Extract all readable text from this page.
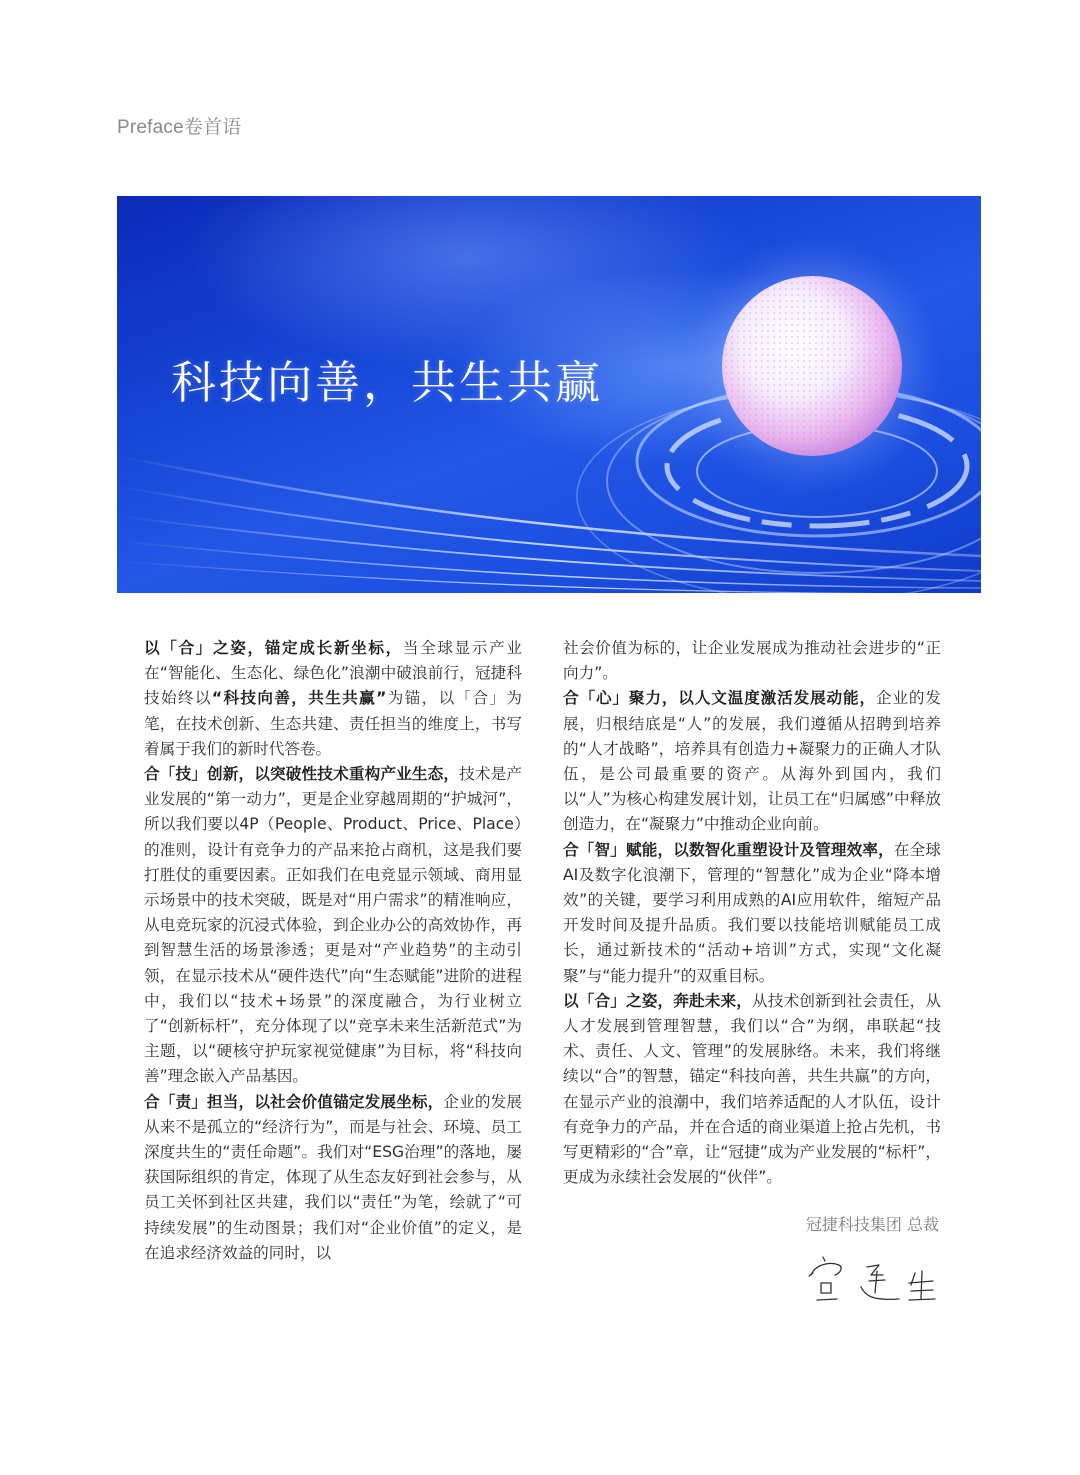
Preface卷首语
科技向善，共生共赢

以「合」之姿，锚定成长新坐标，当全球显示产业在“智能化、生态化、绿色化”浪潮中破浪前行，冠捷科技始终以“科技向善，共生共赢”为锚，以「合」为笔，在技术创新、生态共建、责任担当的维度上，书写着属于我们的新时代答卷。

合「技」创新，以突破性技术重构产业生态，技术是产业发展的“第一动力”，更是企业穿越周期的“护城河”，所以我们要以4P（People、Product、Price、Place）的准则，设计有竞争力的产品来抢占商机，这是我们要打胜仗的重要因素。正如我们在电竞显示领域、商用显示场景中的技术突破，既是对“用户需求”的精准响应，从电竞玩家的沉浸式体验，到企业办公的高效协作，再到智慧生活的场景渗透；更是对“产业趋势”的主动引领，在显示技术从“硬件迭代”向“生态赋能”进阶的进程中，我们以“技术+场景”的深度融合，为行业树立了“创新标杆”，充分体现了以“竞享未来生活新范式”为主题，以“硬核守护玩家视觉健康”为目标，将“科技向善”理念嵌入产品基因。

合「责」担当，以社会价值锚定发展坐标，企业的发展从来不是孤立的“经济行为”，而是与社会、环境、员工深度共生的“责任命题”。我们对“ESG治理”的落地，屡获国际组织的肯定，体现了从生态友好到社会参与，从员工关怀到社区共建，我们以“责任”为笔，绘就了“可持续发展”的生动图景；我们对“企业价值”的定义，是在追求经济效益的同时，以

社会价值为标的，让企业发展成为推动社会进步的“正向力”。

合「心」聚力，以人文温度激活发展动能，企业的发展，归根结底是“人”的发展，我们遵循从招聘到培养的“人才战略”，培养具有创造力+凝聚力的正确人才队伍，是公司最重要的资产。从海外到国内，我们以“人”为核心构建发展计划，让员工在“归属感”中释放创造力，在“凝聚力”中推动企业向前。

合「智」赋能，以数智化重塑设计及管理效率，在全球AI及数字化浪潮下，管理的“智慧化”成为企业“降本增效”的关键，要学习利用成熟的AI应用软件，缩短产品开发时间及提升品质。我们要以技能培训赋能员工成长，通过新技术的“活动+培训”方式，实现“文化凝聚”与“能力提升”的双重目标。

以「合」之姿，奔赴未来，从技术创新到社会责任，从人才发展到管理智慧，我们以“合”为纲，串联起“技术、责任、人文、管理”的发展脉络。未来，我们将继续以“合”的智慧，锚定“科技向善，共生共赢”的方向，在显示产业的浪潮中，我们培养适配的人才队伍，设计有竞争力的产品，并在合适的商业渠道上抢占先机，书写更精彩的“合”章，让“冠捷”成为产业发展的“标杆”，更成为永续社会发展的“伙伴”。

冠捷科技集团 总裁
